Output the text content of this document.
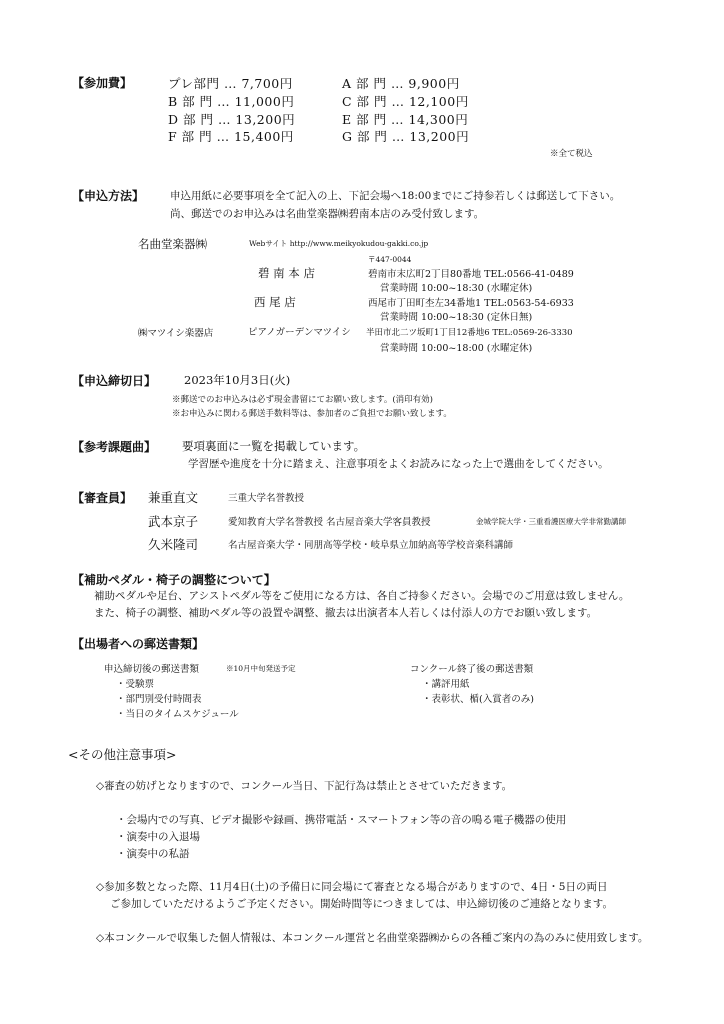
【参加費】	プレ部門 … 7,700円	A 部 門 … 9,900円
B 部 門 … 11,000円	C 部 門 … 12,100円
D 部 門 … 13,200円	E 部 門 … 14,300円
F 部 門 … 15,400円	G 部 門 … 13,200円
※全て税込
【申込方法】 申込用紙に必要事項を全て記入の上、下記会場へ18:00までにご持参若しくは郵送して下さい。
尚、郵送でのお申込みは名曲堂楽器㈱碧南本店のみ受付致します。
名曲堂楽器㈱	Webサイト http://www.meikyokudou-gakki.co.jp
〒447-0044
碧 南 本 店	碧南市末広町2丁目80番地 TEL:0566-41-0489
営業時間 10:00~18:30 (水曜定休)
西 尾 店	西尾市丁田町杢左34番地1 TEL:0563-54-6933
営業時間 10:00~18:30 (定休日無)
㈱マツイシ楽器店	ピアノガーデンマツイシ 半田市北二ツ坂町1丁目12番地6 TEL:0569-26-3330
営業時間 10:00~18:00 (水曜定休)
【申込締切日】 2023年10月3日(火)
※郵送でのお申込みは必ず現金書留にてお願い致します。(消印有効)
※お申込みに関わる郵送手数料等は、参加者のご負担でお願い致します。
【参考課題曲】 要項裏面に一覧を掲載しています。
学習歴や進度を十分に踏まえ、注意事項をよくお読みになった上で選曲をしてください。
【審査員】 兼重直文	三重大学名誉教授
武本京子	愛知教育大学名誉教授 名古屋音楽大学客員教授	金城学院大学・三重看護医療大学非常勤講師
久米隆司	名古屋音楽大学・同朋高等学校・岐阜県立加納高等学校音楽科講師
【補助ペダル・椅子の調整について】
補助ペダルや足台、アシストペダル等をご使用になる方は、各自ご持参ください。会場でのご用意は致しません。
また、椅子の調整、補助ペダル等の設置や調整、撤去は出演者本人若しくは付添人の方でお願い致します。
【出場者への郵送書類】
申込締切後の郵送書類	※10月中旬発送予定
・受験票
・部門別受付時間表
・当日のタイムスケジュール
コンクール終了後の郵送書類
・講評用紙
・表彰状、楯(入賞者のみ)
<その他注意事項>
◇審査の妨げとなりますので、コンクール当日、下記行為は禁止とさせていただきます。
・会場内での写真、ビデオ撮影や録画、携帯電話・スマートフォン等の音の鳴る電子機器の使用
・演奏中の入退場
・演奏中の私語
◇参加多数となった際、11月4日(土)の予備日に同会場にて審査となる場合がありますので、4日・5日の両日
ご参加していただけるようご予定ください。開始時間等につきましては、申込締切後のご連絡となります。
◇本コンクールで収集した個人情報は、本コンクール運営と名曲堂楽器㈱からの各種ご案内の為のみに使用致します。
